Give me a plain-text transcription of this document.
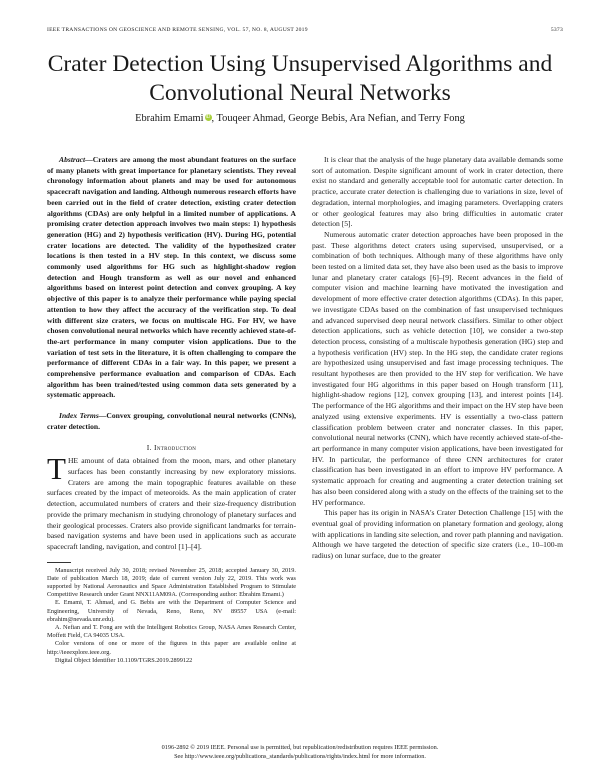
IEEE TRANSACTIONS ON GEOSCIENCE AND REMOTE SENSING, VOL. 57, NO. 8, AUGUST 2019	5373
Crater Detection Using Unsupervised Algorithms and Convolutional Neural Networks
Ebrahim Emami iD, Touqeer Ahmad, George Bebis, Ara Nefian, and Terry Fong
Abstract—Craters are among the most abundant features on the surface of many planets with great importance for planetary scientists. They reveal chronology information about planets and may be used for autonomous spacecraft navigation and landing. Although numerous research efforts have been carried out in the field of crater detection, existing crater detection algorithms (CDAs) are only helpful in a limited number of applications. A promising crater detection approach involves two main steps: 1) hypothesis generation (HG) and 2) hypothesis verification (HV). During HG, potential crater locations are detected. The validity of the hypothesized crater locations is then tested in a HV step. In this context, we discuss some commonly used algorithms for HG such as highlight-shadow region detection and Hough transform as well as our novel and enhanced algorithms based on interest point detection and convex grouping. A key objective of this paper is to analyze their performance while paying special attention to how they affect the accuracy of the verification step. To deal with different size craters, we focus on multiscale HG. For HV, we have chosen convolutional neural networks which have recently achieved state-of-the-art performance in many computer vision applications. Due to the variation of test sets in the literature, it is often challenging to compare the performance of different CDAs in a fair way. In this paper, we present a comprehensive performance evaluation and comparison of CDAs. Each algorithm has been trained/tested using common data sets generated by a systematic approach.
Index Terms—Convex grouping, convolutional neural networks (CNNs), crater detection.
I. Introduction

THE amount of data obtained from the moon, mars, and other planetary surfaces has been constantly increasing by new exploratory missions. Craters are among the main topographic features available on these surfaces created by the impact of meteoroids. As the main application of crater detection, accumulated numbers of craters and their size-frequency distribution provide the primary mechanism in studying chronology of planetary surfaces and their geological processes. Craters also provide significant landmarks for terrain-based navigation systems and have been used in applications such as accurate spacecraft landing, navigation, and control [1]–[4].

Manuscript received July 30, 2018; revised November 25, 2018; accepted January 30, 2019. Date of publication March 18, 2019; date of current version July 22, 2019. This work was supported by National Aeronautics and Space Administration Established Program to Stimulate Competitive Research under Grant NNX11AM09A. (Corresponding author: Ebrahim Emami.)

E. Emami, T. Ahmad, and G. Bebis are with the Department of Computer Science and Engineering, University of Nevada, Reno, Reno, NV 89557 USA (e-mail: ebrahim@nevada.unr.edu).

A. Nefian and T. Fong are with the Intelligent Robotics Group, NASA Ames Research Center, Moffett Field, CA 94035 USA.

Color versions of one or more of the figures in this paper are available online at http://ieeexplore.ieee.org.

Digital Object Identifier 10.1109/TGRS.2019.2899122

It is clear that the analysis of the huge planetary data available demands some sort of automation. Despite significant amount of work in crater detection, there exist no standard and generally acceptable tool for automatic carter detection. In practice, accurate crater detection is challenging due to variations in size, level of degradation, internal morphologies, and imaging parameters. Overlapping craters or other geological features may also bring difficulties in automatic crater detection [5].

Numerous automatic crater detection approaches have been proposed in the past. These algorithms detect craters using supervised, unsupervised, or a combination of both techniques. Although many of these algorithms have only been tested on a limited data set, they have also been used as the basis to improve lunar and planetary crater catalogs [6]–[9]. Recent advances in the field of computer vision and machine learning have motivated the investigation and development of more effective crater detection algorithms (CDAs). In this paper, we investigate CDAs based on the combination of fast unsupervised techniques and advanced supervised deep neural network classifiers. Similar to other object detection applications, such as vehicle detection [10], we consider a two-step detection process, consisting of a multiscale hypothesis generation (HG) step and a hypothesis verification (HV) step. In the HG step, the candidate crater regions are hypothesized using unsupervised and fast image processing techniques. The resultant hypotheses are then provided to the HV step for verification. We have investigated four HG algorithms in this paper based on Hough transform [11], highlight-shadow regions [12], convex grouping [13], and interest points [14]. The performance of the HG algorithms and their impact on the HV step have been analyzed using extensive experiments. HV is essentially a two-class pattern classification problem between crater and noncrater classes. In this paper, convolutional neural networks (CNN), which have recently achieved state-of-the-art performance in many computer vision applications, have been investigated for HV. In particular, the performance of three CNN architectures for crater classification has been investigated in an effort to improve HV performance. A systematic approach for creating and augmenting a crater detection training set has also been considered along with a study on the effects of the training set to the HV performance.

This paper has its origin in NASA's Crater Detection Challenge [15] with the eventual goal of providing information on planetary formation and geology, along with applications in landing site selection, and rover path planning and navigation. Although we have targeted the detection of specific size craters (i.e., 10–100-m radius) on lunar surface, due to the greater

0196-2892 © 2019 IEEE. Personal use is permitted, but republication/redistribution requires IEEE permission.
See http://www.ieee.org/publications_standards/publications/rights/index.html for more information.
